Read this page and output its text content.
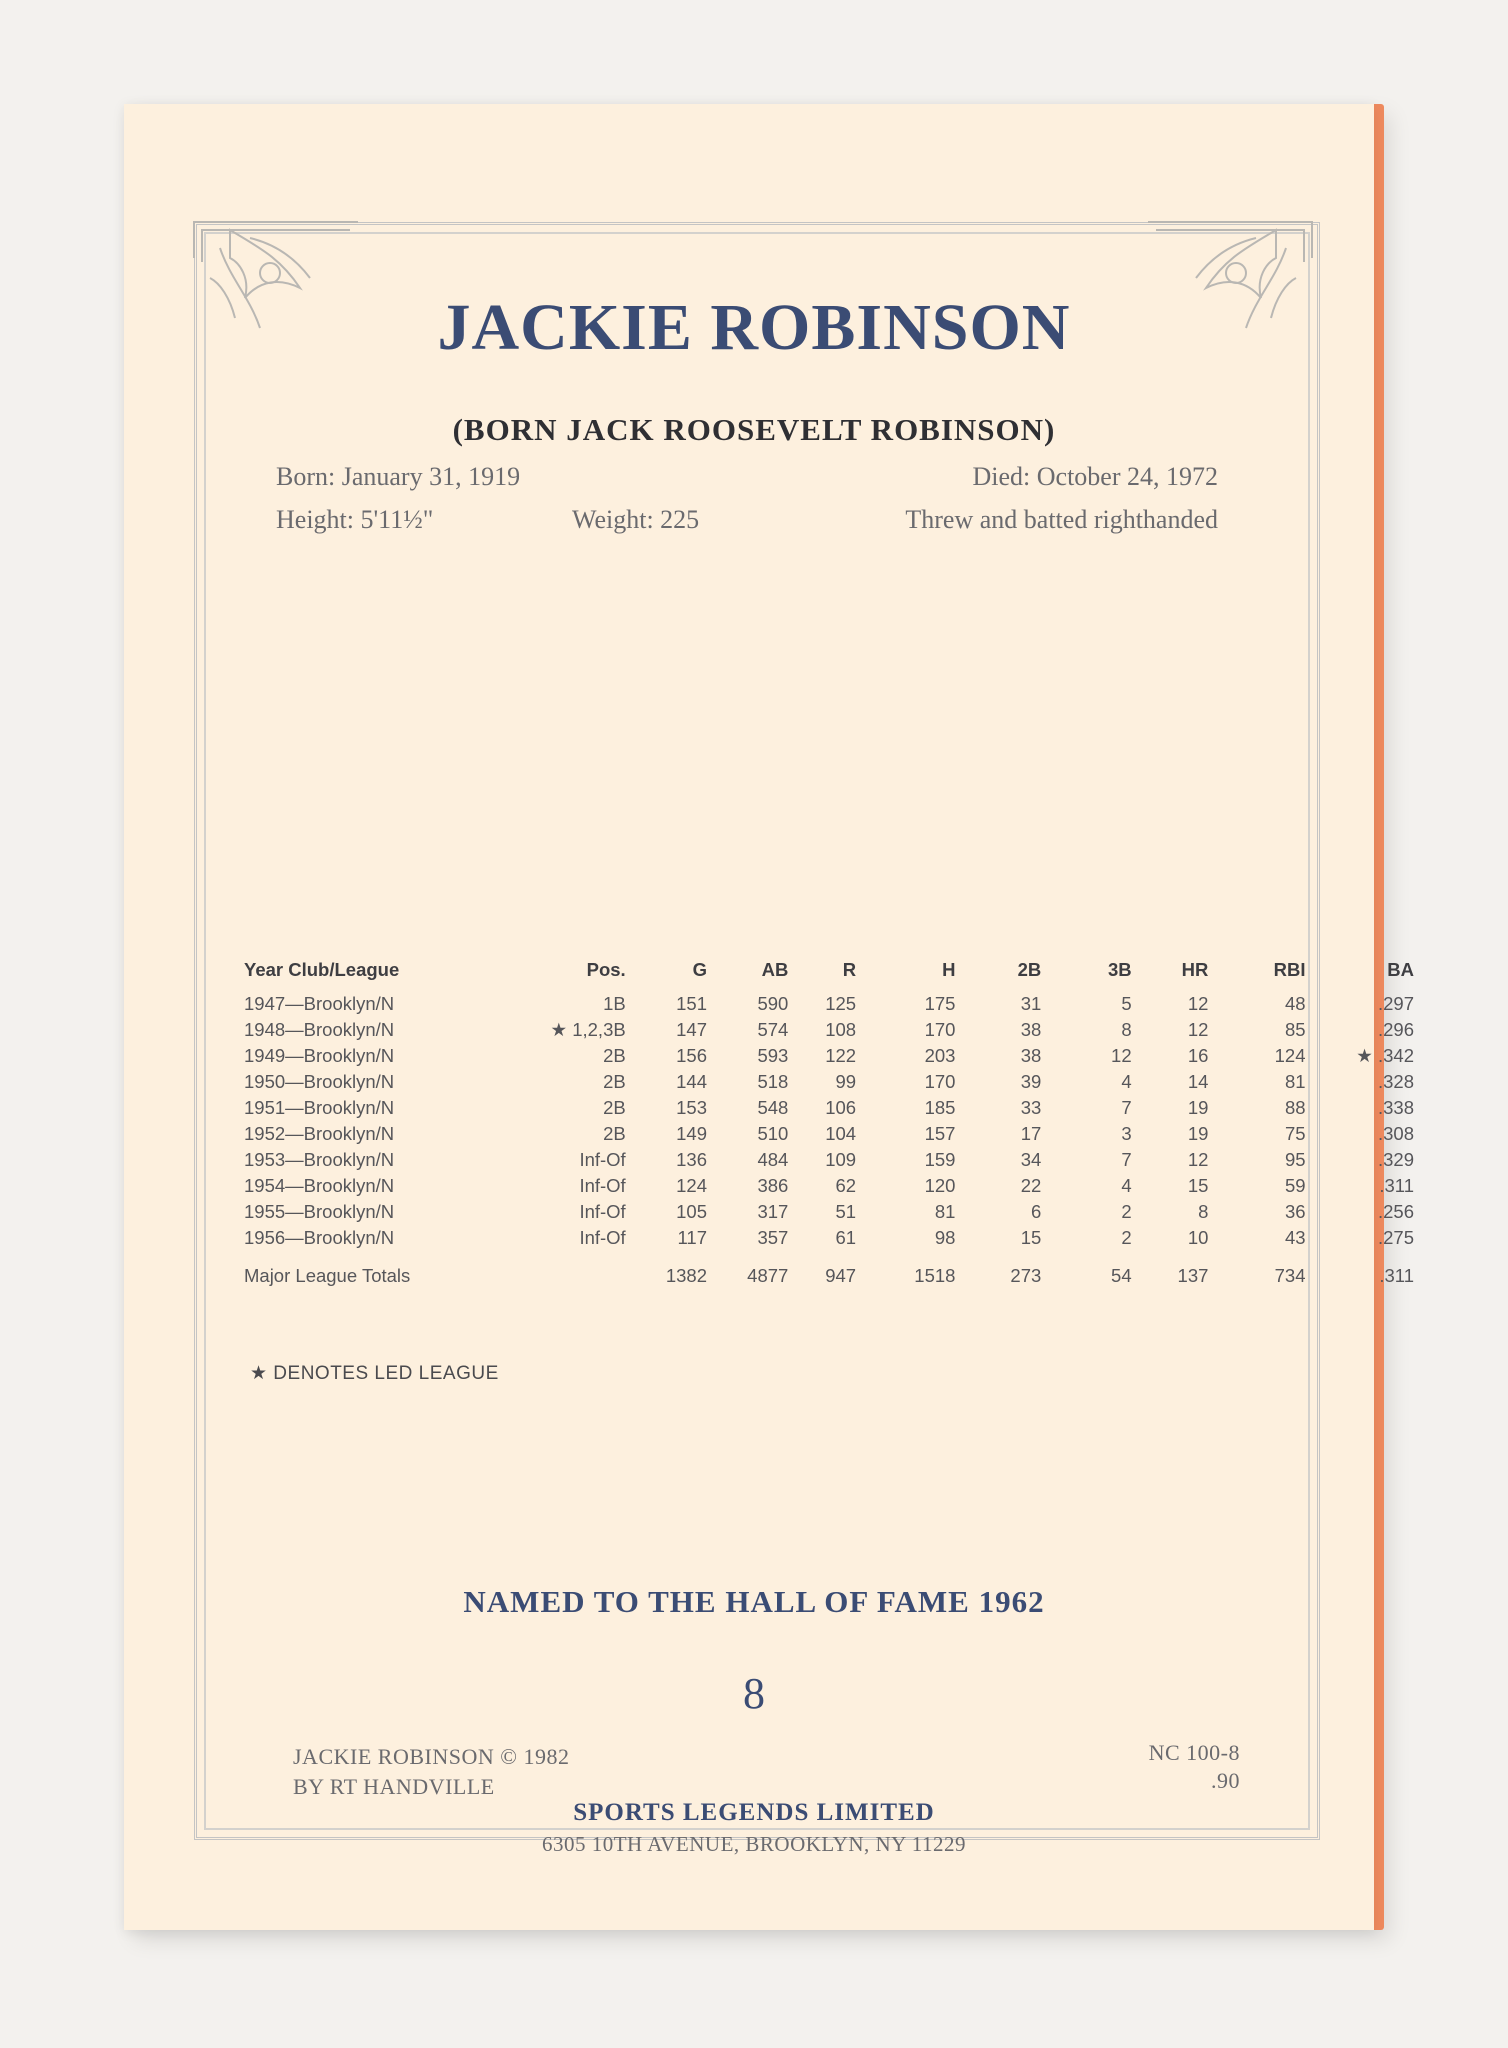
JACKIE ROBINSON
(BORN JACK ROOSEVELT ROBINSON)
Born: January 31, 1919	Died: October 24, 1972
Height: 5'11½"	Weight: 225	Threw and batted righthanded
Year Club/League	Pos.	G	AB	R	H	2B	3B	HR	RBI	BA
1947—Brooklyn/N	1B	151	590	125	175	31	5	12	48	.297
1948—Brooklyn/N	★ 1,2,3B	147	574	108	170	38	8	12	85	.296
1949—Brooklyn/N	2B	156	593	122	203	38	12	16	124	★ .342
1950—Brooklyn/N	2B	144	518	99	170	39	4	14	81	.328
1951—Brooklyn/N	2B	153	548	106	185	33	7	19	88	.338
1952—Brooklyn/N	2B	149	510	104	157	17	3	19	75	.308
1953—Brooklyn/N	Inf-Of	136	484	109	159	34	7	12	95	.329
1954—Brooklyn/N	Inf-Of	124	386	62	120	22	4	15	59	.311
1955—Brooklyn/N	Inf-Of	105	317	51	81	6	2	8	36	.256
1956—Brooklyn/N	Inf-Of	117	357	61	98	15	2	10	43	.275
Major League Totals		1382	4877	947	1518	273	54	137	734	.311
★ DENOTES LED LEAGUE
NAMED TO THE HALL OF FAME 1962
8
JACKIE ROBINSON © 1982
BY RT HANDVILLE
NC 100-8
.90
SPORTS LEGENDS LIMITED
6305 10TH AVENUE, BROOKLYN, NY 11229
